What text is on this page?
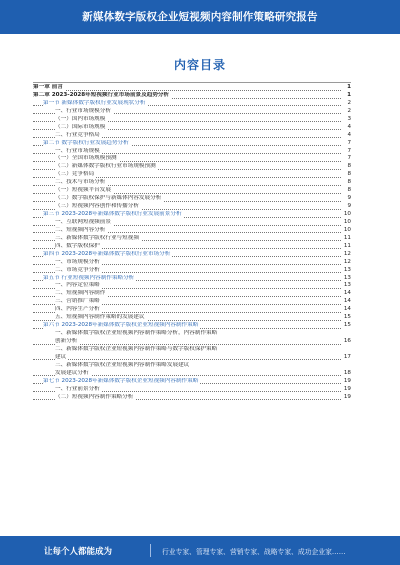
新媒体数字版权企业短视频内容制作策略研究报告
内容目录
第一章 前言	1
第二章 2023-2028年短视频行业市场前景及趋势分析	1
第一节 新媒体数字版权行业发展现状分析	2
一、行业市场规模分析	2
（一）国内市场规模	3
（二）国际市场规模	4
二、行业竞争格局	4
第二节 数字版权行业发展趋势分析	7
一、行业市场规模	7
（一）全国市场规模预测	7
（二）新媒体数字版权行业市场规模预测	8
（三）竞争格局	8
二、技术与市场分析	8
（一）短视频平台发展	8
（二）数字版权保护与新媒体内容发展分析	9
（三）短视频内容创作和传播分析	9
第三节 2023-2028年新媒体数字版权行业发展前景分析	10
一、互联网短视频前景	10
二、短视频内容分析	10
三、新媒体数字版权行业与短视频	11
四、数字版权保护	11
第四节 2023-2028年新媒体数字版权行业市场分析	12
一、市场规模分析	12
二、市场竞争分析	13
第五节 行业短视频内容制作策略分析	13
一、内容定位策略	13
二、短视频内容制作	14
三、营销推广策略	14
四、内容生产分析	14
五、短视频内容制作策略的发展建议	15
第六节 2023-2028年新媒体数字版权企业短视频内容制作策略	15
一、新媒体数字版权企业短视频内容制作策略分析，内容制作策略
创新分析	16
二、新媒体数字版权企业短视频内容制作策略与数字版权保护策略
建议	17
三、新媒体数字版权企业短视频内容制作策略发展建议
发展建议分析	18
第七节 2023-2028年新媒体数字版权企业短视频内容制作策略	19
一、行业前景分析	19
（二）短视频内容制作策略分析	19
让每个人都能成为	行业专家、管理专家、营销专家、战略专家、成功企业家……
